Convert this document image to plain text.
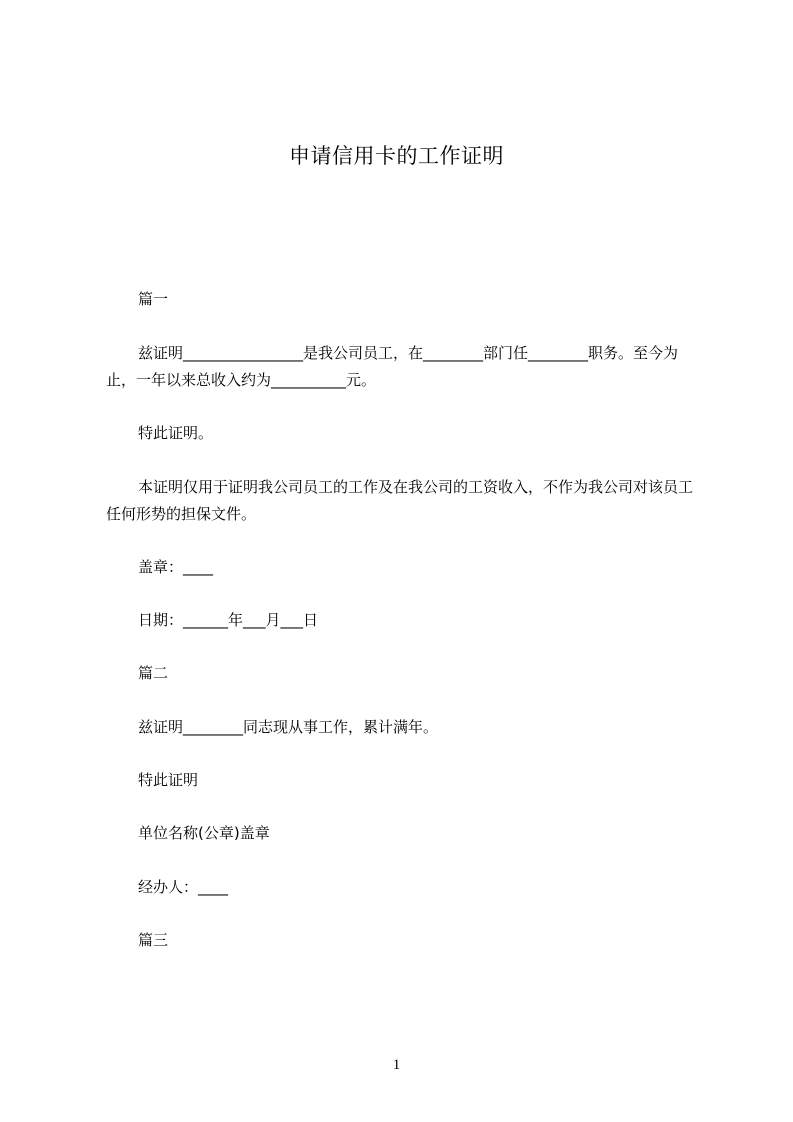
申请信用卡的工作证明

篇一

兹证明________________是我公司员工，在________部门任________职务。至今为止，一年以来总收入约为__________元。

特此证明。

本证明仅用于证明我公司员工的工作及在我公司的工资收入，不作为我公司对该员工任何形势的担保文件。

盖章：____

日期：______年___月___日

篇二

兹证明________同志现从事工作，累计满年。

特此证明

单位名称(公章)盖章

经办人：____

篇三

1
